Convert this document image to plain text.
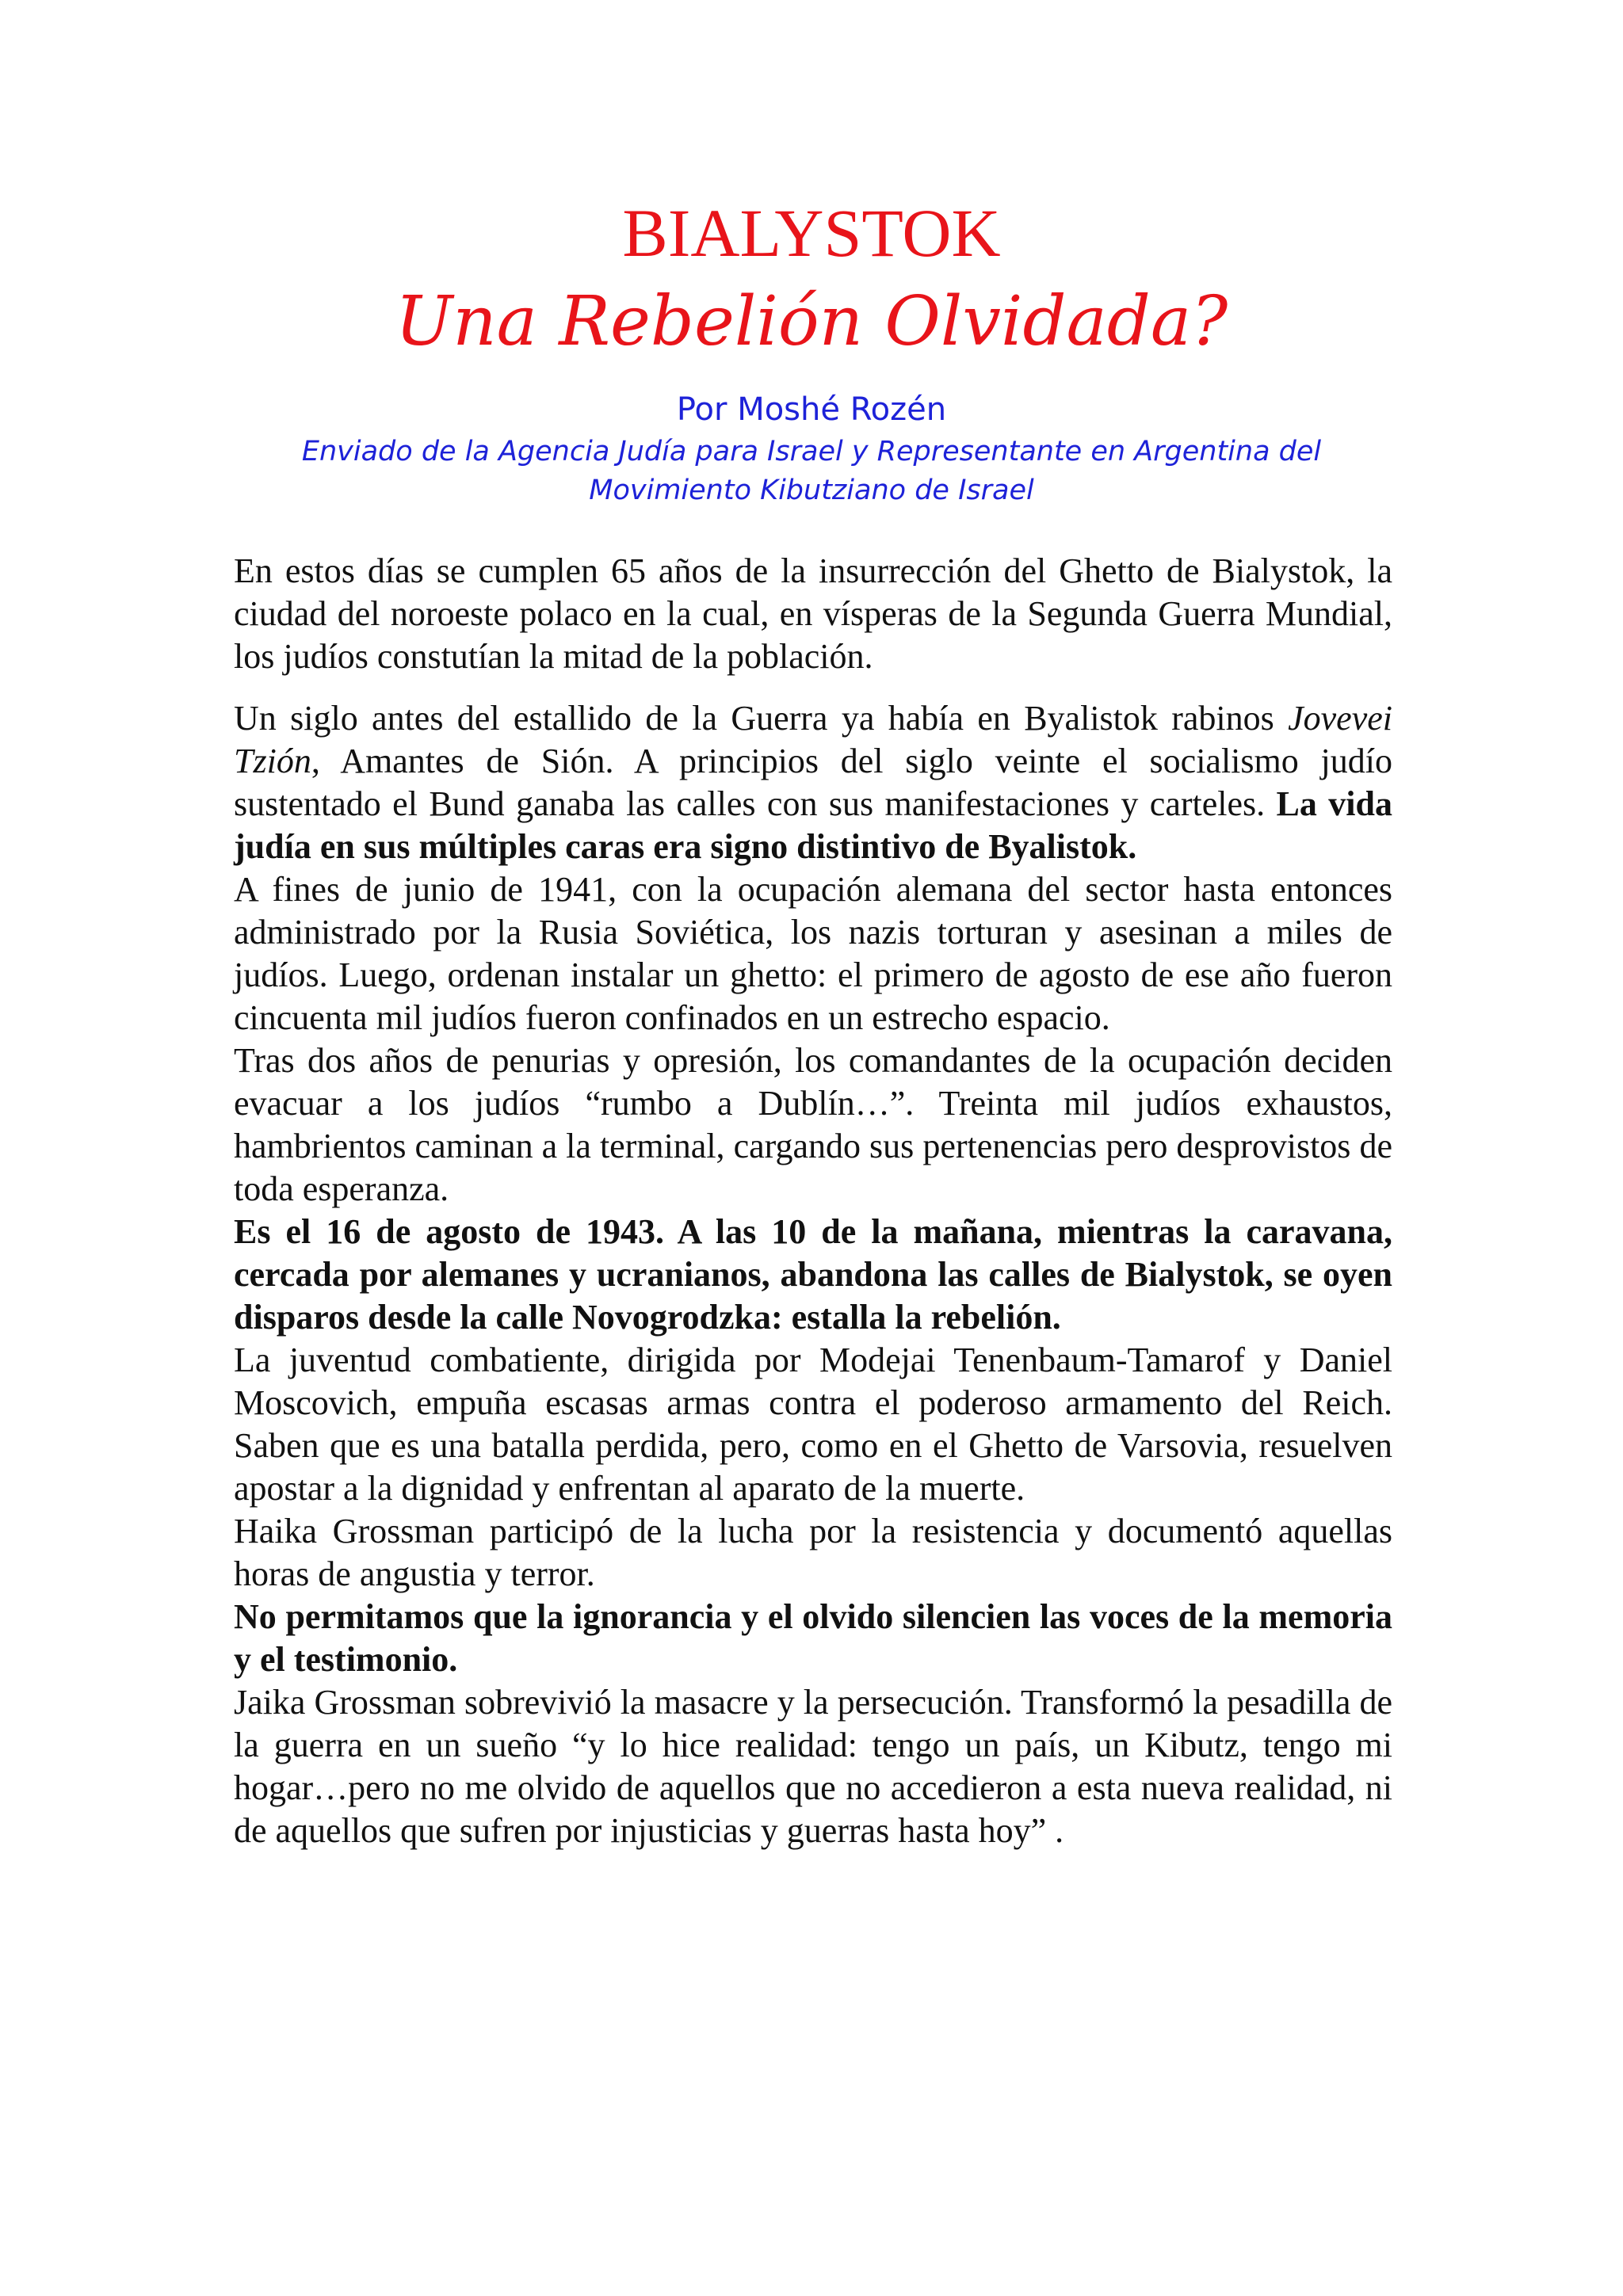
BIALYSTOK
Una Rebelión Olvidada?

Por Moshé Rozén

Enviado de la Agencia Judía para Israel y Representante en Argentina del

Movimiento Kibutziano de Israel

En estos días se cumplen 65 años de la insurrección del Ghetto de Bialystok, la ciudad del noroeste polaco en la cual, en vísperas de la Segunda Guerra Mundial, los judíos constutían la mitad de la población.

Un siglo antes del estallido de la Guerra ya había en Byalistok rabinos Jovevei Tzión, Amantes de Sión. A principios del siglo veinte el socialismo judío sustentado el Bund ganaba las calles con sus manifestaciones y carteles. La vida judía en sus múltiples caras era signo distintivo de Byalistok.

A fines de junio de 1941, con la ocupación alemana del sector hasta entonces administrado por la Rusia Soviética, los nazis torturan y asesinan a miles de judíos. Luego, ordenan instalar un ghetto: el primero de agosto de ese año fueron cincuenta mil judíos fueron confinados en un estrecho espacio.

Tras dos años de penurias y opresión, los comandantes de la ocupación deciden evacuar a los judíos “rumbo a Dublín…”. Treinta mil judíos exhaustos, hambrientos caminan a la terminal, cargando sus pertenencias pero desprovistos de toda esperanza.

Es el 16 de agosto de 1943. A las 10 de la mañana, mientras la caravana, cercada por alemanes y ucranianos, abandona las calles de Bialystok, se oyen disparos desde la calle Novogrodzka: estalla la rebelión.

La juventud combatiente, dirigida por Modejai Tenenbaum-Tamarof y Daniel Moscovich, empuña escasas armas contra el poderoso armamento del Reich. Saben que es una batalla perdida, pero, como en el Ghetto de Varsovia, resuelven apostar a la dignidad y enfrentan al aparato de la muerte.

Haika Grossman participó de la lucha por la resistencia y documentó aquellas horas de angustia y terror.

No permitamos que la ignorancia y el olvido silencien las voces de la memoria y el testimonio.

Jaika Grossman sobrevivió la masacre y la persecución. Transformó la pesadilla de la guerra en un sueño “y lo hice realidad: tengo un país, un Kibutz, tengo mi hogar…pero no me olvido de aquellos que no accedieron a esta nueva realidad, ni de aquellos que sufren por injusticias y guerras hasta hoy” .
